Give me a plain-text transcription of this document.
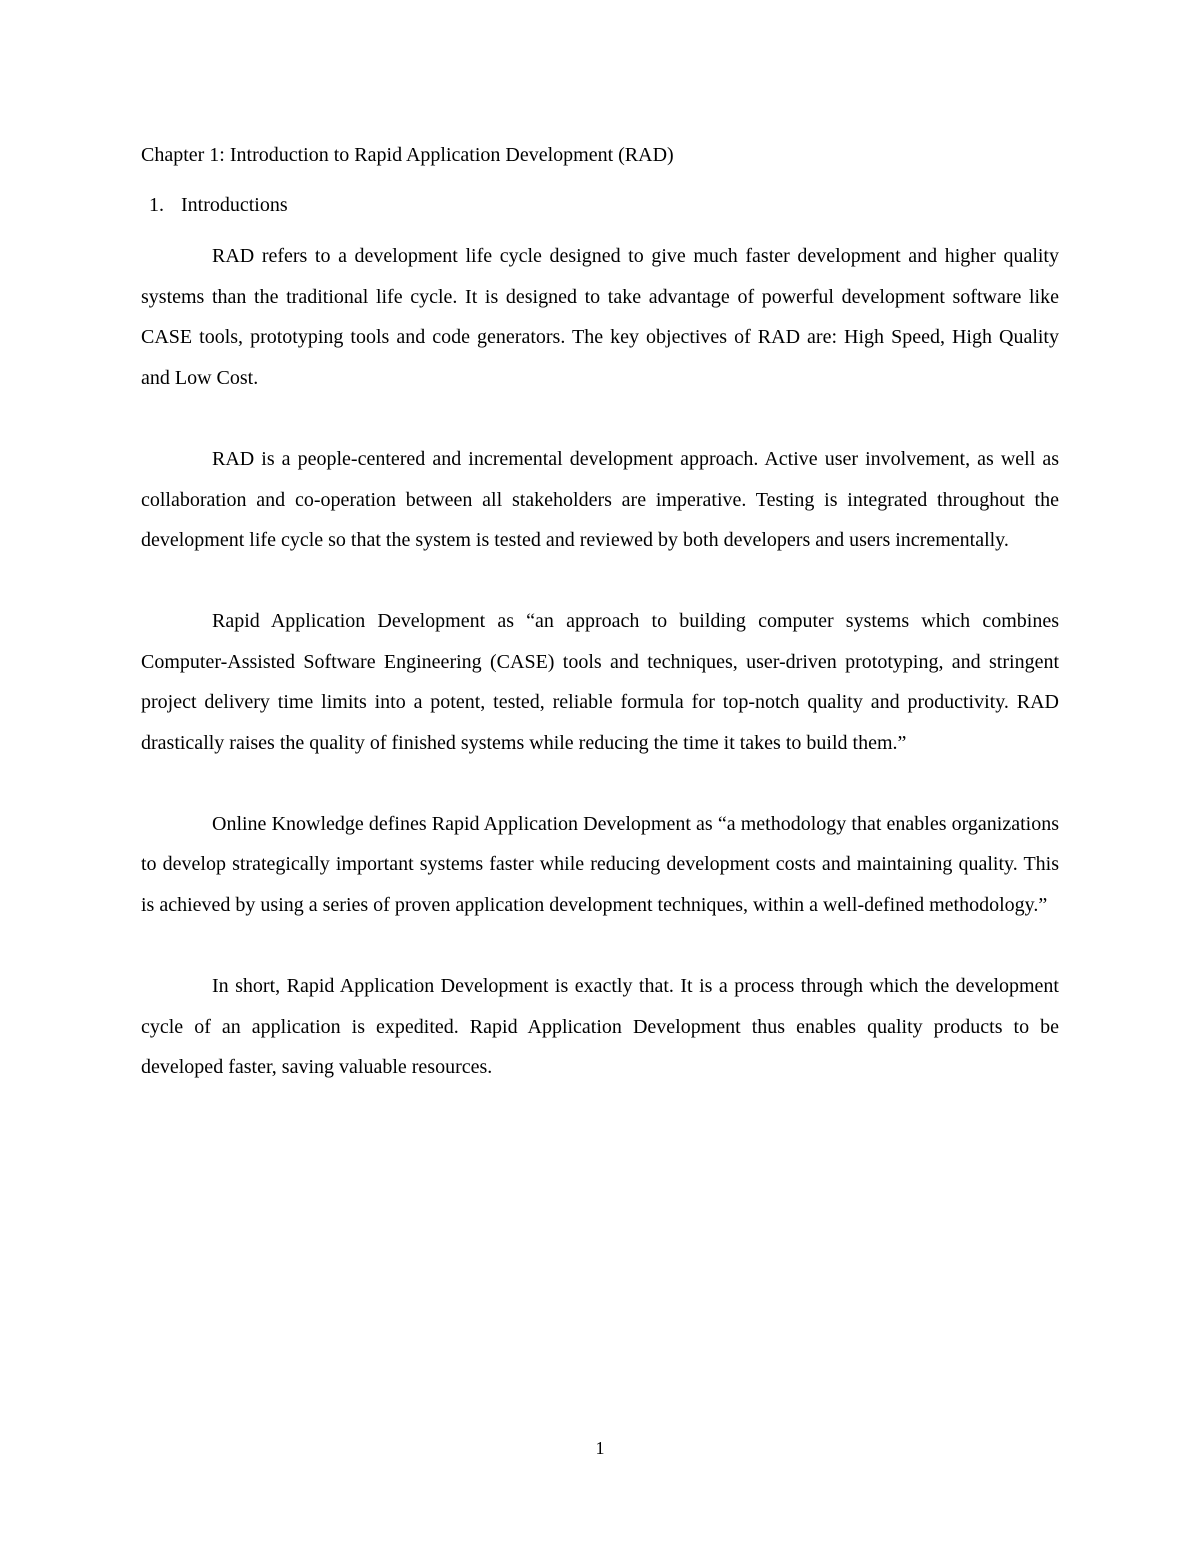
Chapter 1: Introduction to Rapid Application Development (RAD)
1. Introductions

RAD refers to a development life cycle designed to give much faster development and higher quality systems than the traditional life cycle. It is designed to take advantage of powerful development software like CASE tools, prototyping tools and code generators. The key objectives of RAD are: High Speed, High Quality and Low Cost.

RAD is a people-centered and incremental development approach. Active user involvement, as well as collaboration and co-operation between all stakeholders are imperative. Testing is integrated throughout the development life cycle so that the system is tested and reviewed by both developers and users incrementally.

Rapid Application Development as “an approach to building computer systems which combines Computer-Assisted Software Engineering (CASE) tools and techniques, user-driven prototyping, and stringent project delivery time limits into a potent, tested, reliable formula for top-notch quality and productivity. RAD drastically raises the quality of finished systems while reducing the time it takes to build them.”

Online Knowledge defines Rapid Application Development as “a methodology that enables organizations to develop strategically important systems faster while reducing development costs and maintaining quality. This is achieved by using a series of proven application development techniques, within a well-defined methodology.”

In short, Rapid Application Development is exactly that. It is a process through which the development cycle of an application is expedited. Rapid Application Development thus enables quality products to be developed faster, saving valuable resources.

1
